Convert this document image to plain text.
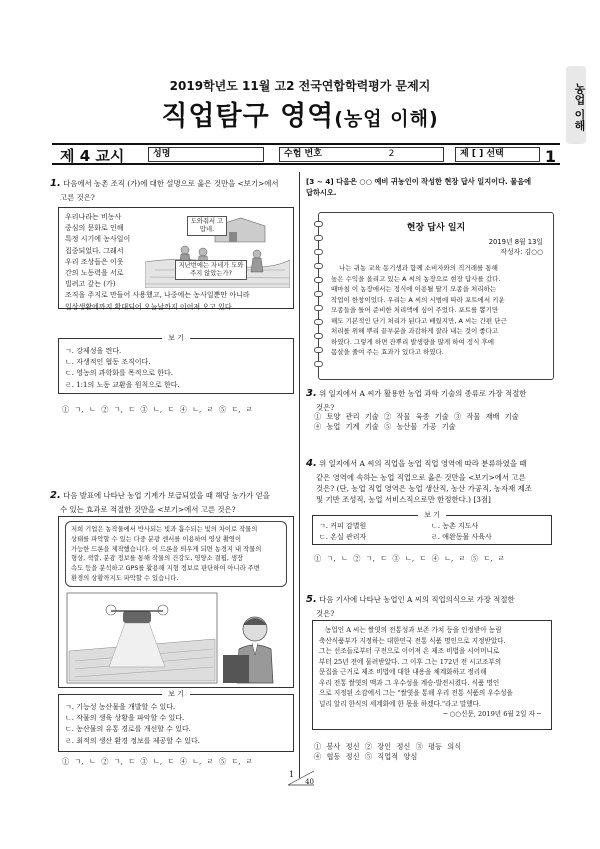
2019학년도 11월 고2 전국연합학력평가 문제지
직업탐구 영역(농업 이해)	농업 이해
제 4 교시	성명	수험 번호	2	제 [ ] 선택	1
1. 다음에서 농촌 조직 (가)에 대한 설명으로 옳은 것만을 <보기>에서
고른 것은?
우리나라는 비농사
중심의 문화로 인해
특정 시기에 농사일이
집중되었다. 그래서
우리 조상들은 이웃
간의 노동력을 서로
빌려고 갚는 (가)
조직을 주지로 만들어 사용했고, 나중에는 농사일뿐만 아니라
일상생활에까지 확대되어 오늘날까지 이어져 오고 있다.
도와줘서 고맙네.
지난번에는 자네가 도와주지 않았는가?
보 기
ㄱ. 강제성을 띈다.
ㄴ. 자생적인 협동 조직이다.
ㄷ. 영농의 과학화를 목적으로 한다.
ㄹ. 1:1의 노동 교환을 원칙으로 한다.
① ㄱ, ㄴ ② ㄱ, ㄷ ③ ㄴ, ㄷ ④ ㄴ, ㄹ ⑤ ㄷ, ㄹ
2. 다음 발표에 나타난 농업 기계가 보급되었을 때 해당 농가가 얻을
수 있는 효과로 적절한 것만을 <보기>에서 고른 것은?
저희 기업은 농작물에서 반사되는 빛과 흡수되는 빛의 차이로 작물의
상태를 파악할 수 있는 다중 분광 센서를 이용하여 영상 촬영이
가능한 드론을 제작했습니다. 이 드론을 띄우게 되면 농경지 내 작물의
형상, 색깔, 분광 정보를 통해 작물의 건강도, 영양소 결핍, 생장
속도 등을 분석하고 GPS를 활용해 지형 정보로 판단하여 아니라 주변
환경의 상황까지도 파악할 수 있습니다.
보 기
ㄱ. 기능성 농산물을 개발할 수 있다.
ㄴ. 작물의 생육 상황을 파악할 수 있다.
ㄷ. 농산물의 유통 경로를 개선할 수 있다.
ㄹ. 최적의 생산 환경 정보를 제공할 수 있다.
① ㄱ, ㄴ ② ㄱ, ㄷ ③ ㄴ, ㄷ ④ ㄴ, ㄹ ⑤ ㄷ, ㄹ
[3 ~ 4] 다음은 ○○ 예비 귀농인이 작성한 현장 답사 일지이다. 물음에
답하시오.
현장 답사 일지
2019년 8월 13일
작성자: 김○○
나는 귀농 교육 동기생과 함께 소비자와의 직거래를 통해
높은 수익을 올리고 있는 A 씨의 농장으로 현장 답사를 갔다.
때마침 이 농장에서는 정식에 이용될 딸기 모종을 처리하는
작업이 한창이었다. 우리는 A 씨의 시범에 따라 포트에서 키운
모종들을 틀어 준비한 처리액에 심어 주었다. 포트를 뽑기만
해도 기본적인 단기 처리가 된다고 배웠지만, A 씨는 간편 단근
처리를 위해 뿌리 끝부분을 과감하게 잘라 내는 것이 좋다고
하였다. 그렇게 하면 잔뿌리 발생량을 많게 하여 정식 후에
몸살을 줄여 주는 효과가 있다고 하였다.
3. 위 일지에서 A 씨가 활용한 농업 과학 기술의 종류로 가장 적절한
것은?
① 토양 관리 기술 ② 작물 육종 기술 ③ 작물 재배 기술
④ 농업 기계 기술 ⑤ 농산물 가공 기술
4. 위 일지에서 A 씨의 직업을 농업 직업 영역에 따라 분류하였을 때
같은 영역에 속하는 농업 직업으로 옳은 것만을 <보기>에서 고른
것은? (단, 농업 직업 영역은 농업 생산직, 농산 가공직, 농자재 제조
및 기반 조성직, 농업 서비스직으로만 한정한다.) [3점]
보 기
ㄱ. 커피 감별원	ㄴ. 농촌 지도사
ㄷ. 온실 관리자	ㄹ. 애완동물 사육사
① ㄱ, ㄴ ② ㄱ, ㄷ ③ ㄴ, ㄷ ④ ㄴ, ㄹ ⑤ ㄷ, ㄹ
5. 다음 기사에 나타난 농업인 A 씨의 직업의식으로 가장 적절한
것은?
농업인 A 씨는 쌀엿의 전통성과 보존 가치 등을 인정받아 농림
축산식품부가 지정하는 대한민국 전통 식품 명인으로 지정받았다.
그는 선조들로부터 구전으로 이어져 온 제조 비법을 시어머니로
부터 25년 전에 물려받았다. 그 이후 그는 172년 전 시고조부의
문집을 근거로 제조 비법에 대한 내용을 체계화하고 정리해
우리 전통 쌀엿의 맥과 그 우수성을 계승·발전시켰다. 식품 명인
으로 지정된 소감에서 그는 "쌀엿을 통해 우리 전통 식품의 우수성을
널리 알리 한식의 세계화에 한 몫을 하겠다."라고 말했다.
─ ○○신문, 2019년 6월 2일 자 ─
① 봉사 정신 ② 장인 정신 ③ 평등 의식
④ 협동 정신 ⑤ 직업적 양심
1
40
